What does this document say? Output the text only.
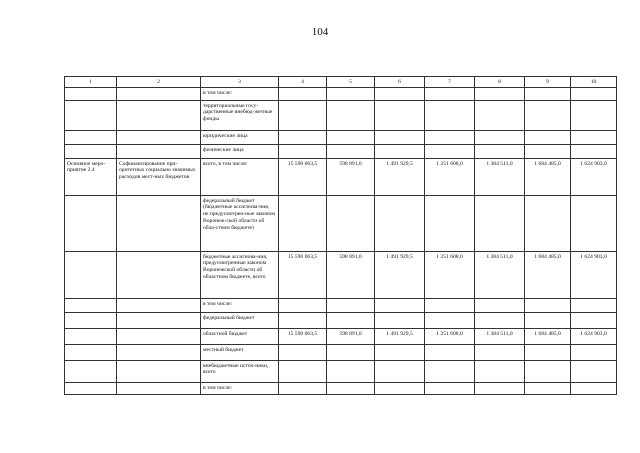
104
1	2	3	4	5	6	7	8	9	10
		в том числе:							
		территориальные госу-дарственные внебюд-жетные фонды							
		юридические лица							
		физические лица							
Основное меро-приятие 2.4	Софинансирование при-оритетных социально значимых расходов мест-ных бюджетов	всего, в том числе:	15 590 063,5	598 891,0	1 491 929,5	1 251 608,0	1 384 511,0	1 684 485,0	1 624 903,0
		федеральный бюджет (бюджетные ассигнова-ния, не предусмотрен-ные законом Воронеж-ской области об обла-стном бюджете)							
		бюджетные ассигнова-ния, предусмотренные законом Воронежской области об областном бюджете, всего	15 590 063,5	598 891,0	1 491 929,5	1 251 608,0	1 384 511,0	1 684 485,0	1 624 903,0
		в том числе:							
		федеральный бюджет							
		областной бюджет	15 590 063,5	598 891,0	1 491 929,5	1 251 608,0	1 384 511,0	1 684 485,0	1 624 903,0
		местный бюджет							
		внебюджетные источ-ники, всего							
		в том числе:							
